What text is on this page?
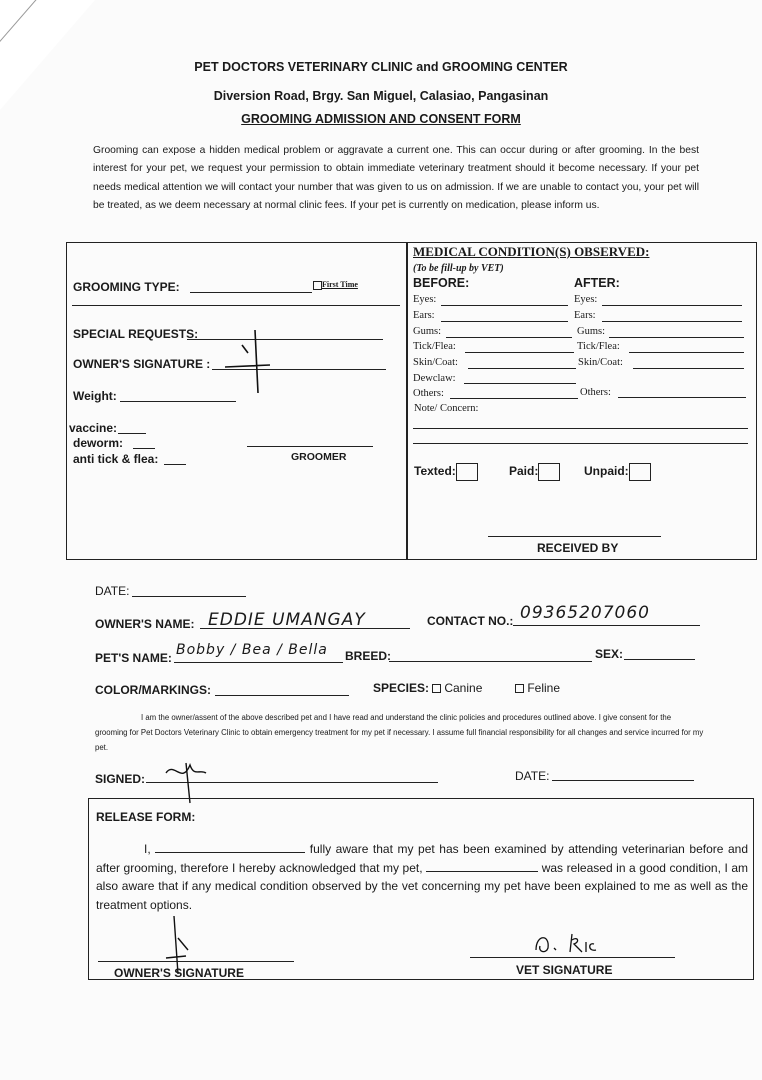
PET DOCTORS VETERINARY CLINIC and GROOMING CENTER
Diversion Road, Brgy. San Miguel, Calasiao, Pangasinan
GROOMING ADMISSION AND CONSENT FORM
Grooming can expose a hidden medical problem or aggravate a current one. This can occur during or after grooming. In the best interest for your pet, we request your permission to obtain immediate veterinary treatment should it become necessary. If your pet needs medical attention we will contact your number that was given to us on admission. If we are unable to contact you, your pet will be treated, as we deem necessary at normal clinic fees. If your pet is currently on medication, please inform us.
GROOMING TYPE:	First Time
SPECIAL REQUESTS:
OWNER'S SIGNATURE :
Weight:
vaccine:
deworm:
anti tick & flea:	GROOMER
MEDICAL CONDITION(S) OBSERVED:
(To be fill-up by VET)
BEFORE:	AFTER:
Eyes:	Eyes:
Ears:	Ears:
Gums:	Gums:
Tick/Flea:	Tick/Flea:
Skin/Coat:	Skin/Coat:
Dewclaw:
Others:	Others:
Note/ Concern:
Texted:	Paid:	Unpaid:
RECEIVED BY
DATE:
OWNER'S NAME: EDDIE UMANGAY	CONTACT NO.: 09365207060
PET'S NAME: Bobby / Bea / Bella BREED:	SEX:
COLOR/MARKINGS:	SPECIES:	Canine	Feline
I am the owner/assent of the above described pet and I have read and understand the clinic policies and procedures outlined above. I give consent for the grooming for Pet Doctors Veterinary Clinic to obtain emergency treatment for my pet if necessary. I assume full financial responsibility for all changes and service incurred for my pet.
SIGNED:	DATE:
RELEASE FORM:
I,	fully aware that my pet has been examined by attending veterinarian before and after grooming, therefore I hereby acknowledged that my pet,	was released in a good condition, I am also aware that if any medical condition observed by the vet concerning my pet have been explained to me as well as the treatment options.
OWNER'S SIGNATURE	VET SIGNATURE
